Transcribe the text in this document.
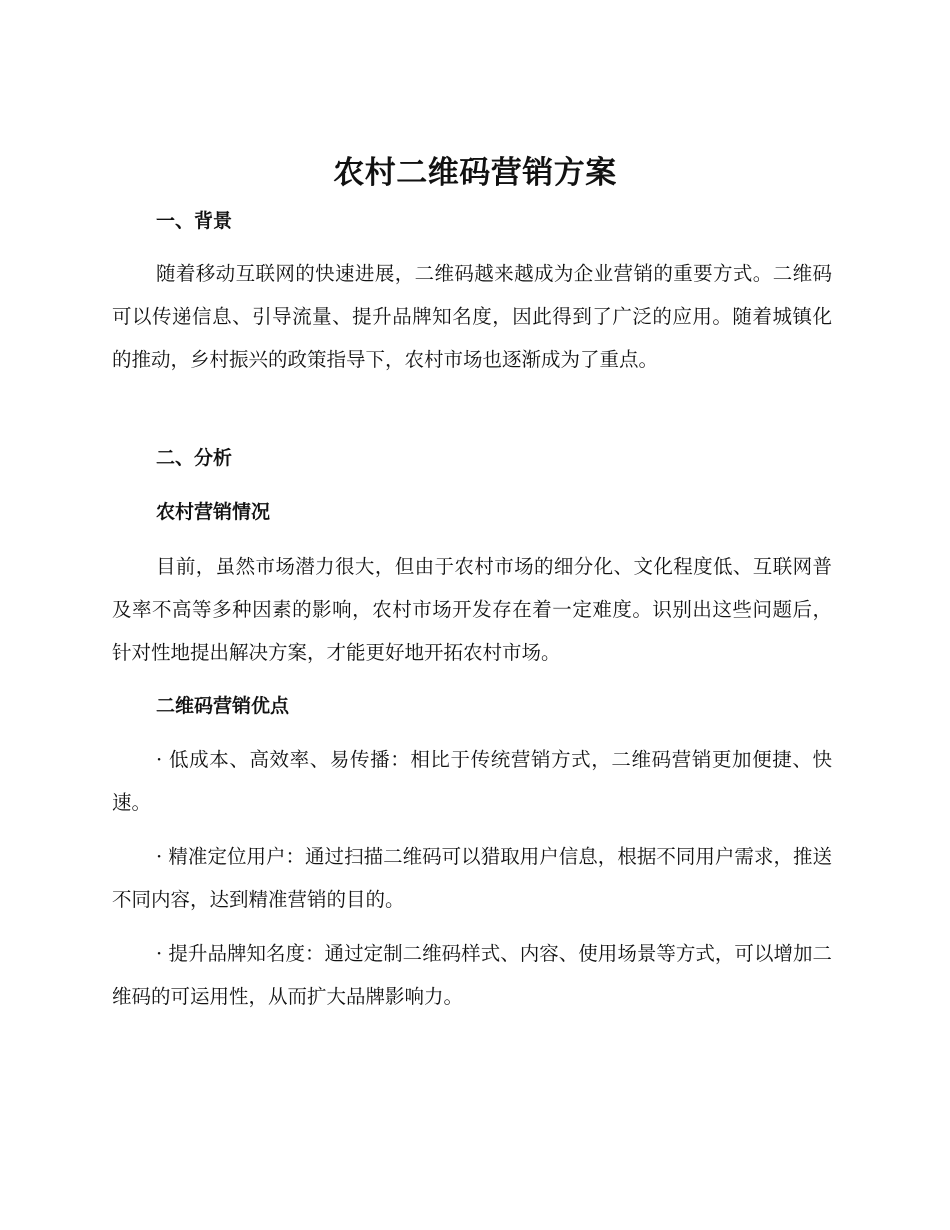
农村二维码营销方案
一、背景
随着移动互联网的快速进展，二维码越来越成为企业营销的重要方式。二维码可以传递信息、引导流量、提升品牌知名度，因此得到了广泛的应用。随着城镇化的推动，乡村振兴的政策指导下，农村市场也逐渐成为了重点。
二、分析
农村营销情况
目前，虽然市场潜力很大，但由于农村市场的细分化、文化程度低、互联网普及率不高等多种因素的影响，农村市场开发存在着一定难度。识别出这些问题后，针对性地提出解决方案，才能更好地开拓农村市场。
二维码营销优点
· 低成本、高效率、易传播：相比于传统营销方式，二维码营销更加便捷、快速。
· 精准定位用户：通过扫描二维码可以猎取用户信息，根据不同用户需求，推送不同内容，达到精准营销的目的。
· 提升品牌知名度：通过定制二维码样式、内容、使用场景等方式，可以增加二维码的可运用性，从而扩大品牌影响力。
